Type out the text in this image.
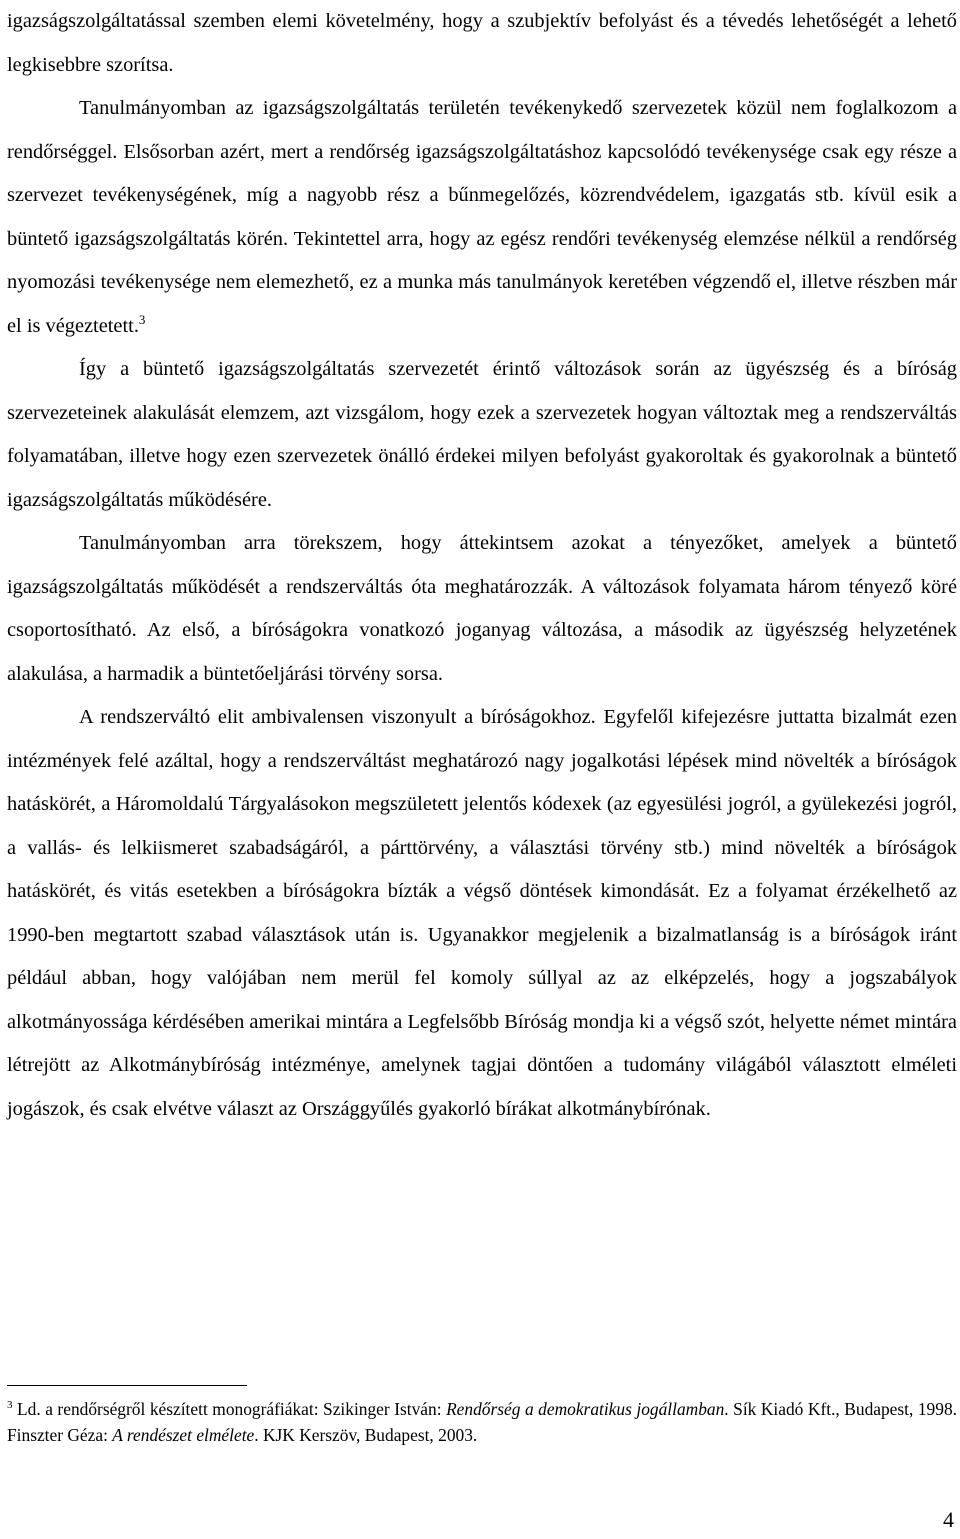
igazságszolgáltatással szemben elemi követelmény, hogy a szubjektív befolyást és a tévedés lehetőségét a lehető legkisebbre szorítsa.

Tanulmányomban az igazságszolgáltatás területén tevékenykedő szervezetek közül nem foglalkozom a rendőrséggel. Elsősorban azért, mert a rendőrség igazságszolgáltatáshoz kapcsolódó tevékenysége csak egy része a szervezet tevékenységének, míg a nagyobb rész a bűnmegelőzés, közrendvédelem, igazgatás stb. kívül esik a büntető igazságszolgáltatás körén. Tekintettel arra, hogy az egész rendőri tevékenység elemzése nélkül a rendőrség nyomozási tevékenysége nem elemezhető, ez a munka más tanulmányok keretében végzendő el, illetve részben már el is végeztetett.$^3$

Így a büntető igazságszolgáltatás szervezetét érintő változások során az ügyészség és a bíróság szervezeteinek alakulását elemzem, azt vizsgálom, hogy ezek a szervezetek hogyan változtak meg a rendszerváltás folyamatában, illetve hogy ezen szervezetek önálló érdekei milyen befolyást gyakoroltak és gyakorolnak a büntető igazságszolgáltatás működésére.

Tanulmányomban arra törekszem, hogy áttekintsem azokat a tényezőket, amelyek a büntető igazságszolgáltatás működését a rendszerváltás óta meghatározzák. A változások folyamata három tényező köré csoportosítható. Az első, a bíróságokra vonatkozó joganyag változása, a második az ügyészség helyzetének alakulása, a harmadik a büntetőeljárási törvény sorsa.

A rendszerváltó elit ambivalensen viszonyult a bíróságokhoz. Egyfelől kifejezésre juttatta bizalmát ezen intézmények felé azáltal, hogy a rendszerváltást meghatározó nagy jogalkotási lépések mind növelték a bíróságok hatáskörét, a Háromoldalú Tárgyalásokon megszületett jelentős kódexek (az egyesülési jogról, a gyülekezési jogról, a vallás- és lelkiismeret szabadságáról, a párttörvény, a választási törvény stb.) mind növelték a bíróságok hatáskörét, és vitás esetekben a bíróságokra bízták a végső döntések kimondását. Ez a folyamat érzékelhető az 1990-ben megtartott szabad választások után is. Ugyanakkor megjelenik a bizalmatlanság is a bíróságok iránt például abban, hogy valójában nem merül fel komoly súllyal az az elképzelés, hogy a jogszabályok alkotmányossága kérdésében amerikai mintára a Legfelsőbb Bíróság mondja ki a végső szót, helyette német mintára létrejött az Alkotmánybíróság intézménye, amelynek tagjai döntően a tudomány világából választott elméleti jogászok, és csak elvétve választ az Országgyűlés gyakorló bírákat alkotmánybírónak.

$^3$ Ld. a rendőrségről készített monográfiákat: Szikinger István: Rendőrség a demokratikus jogállamban. Sík Kiadó Kft., Budapest, 1998. Finszter Géza: A rendészet elmélete. KJK Kerszöv, Budapest, 2003.

4
